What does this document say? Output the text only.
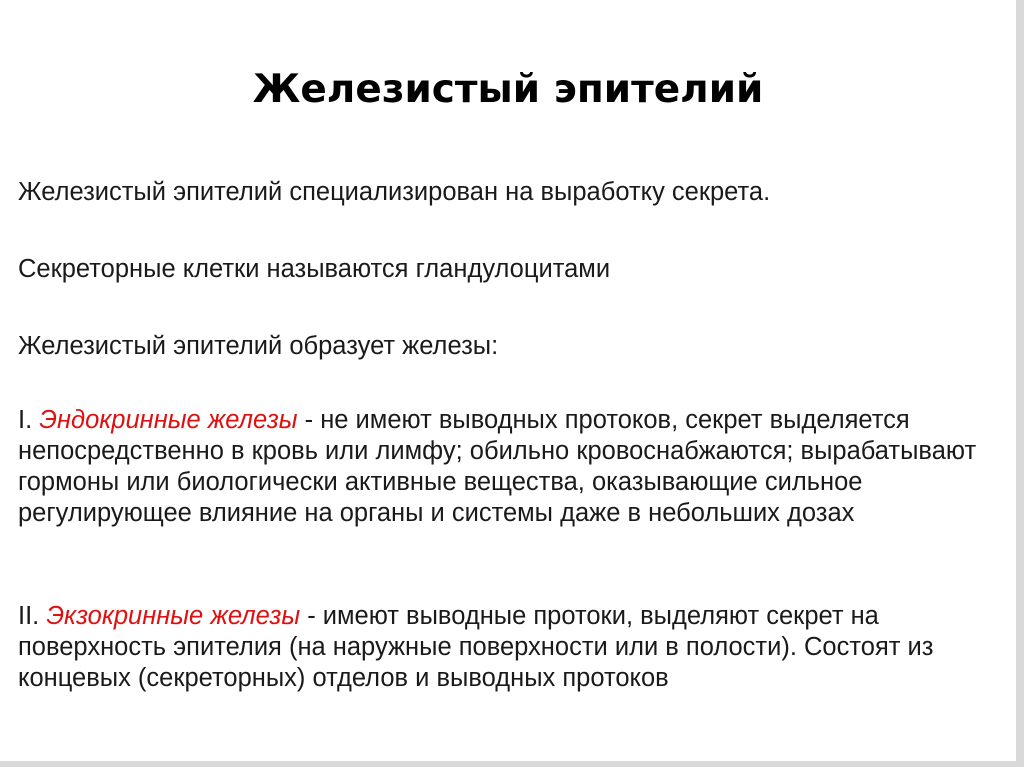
Железистый эпителий

Железистый эпителий специализирован на выработку секрета.

Секреторные клетки называются гландулоцитами

Железистый эпителий образует железы:

I. Эндокринные железы - не имеют выводных протоков, секрет выделяется непосредственно в кровь или лимфу; обильно кровоснабжаются; вырабатывают гормоны или биологически активные вещества, оказывающие сильное регулирующее влияние на органы и системы даже в небольших дозах

II. Экзокринные железы - имеют выводные протоки, выделяют секрет на поверхность эпителия (на наружные поверхности или в полости). Состоят из концевых (секреторных) отделов и выводных протоков
